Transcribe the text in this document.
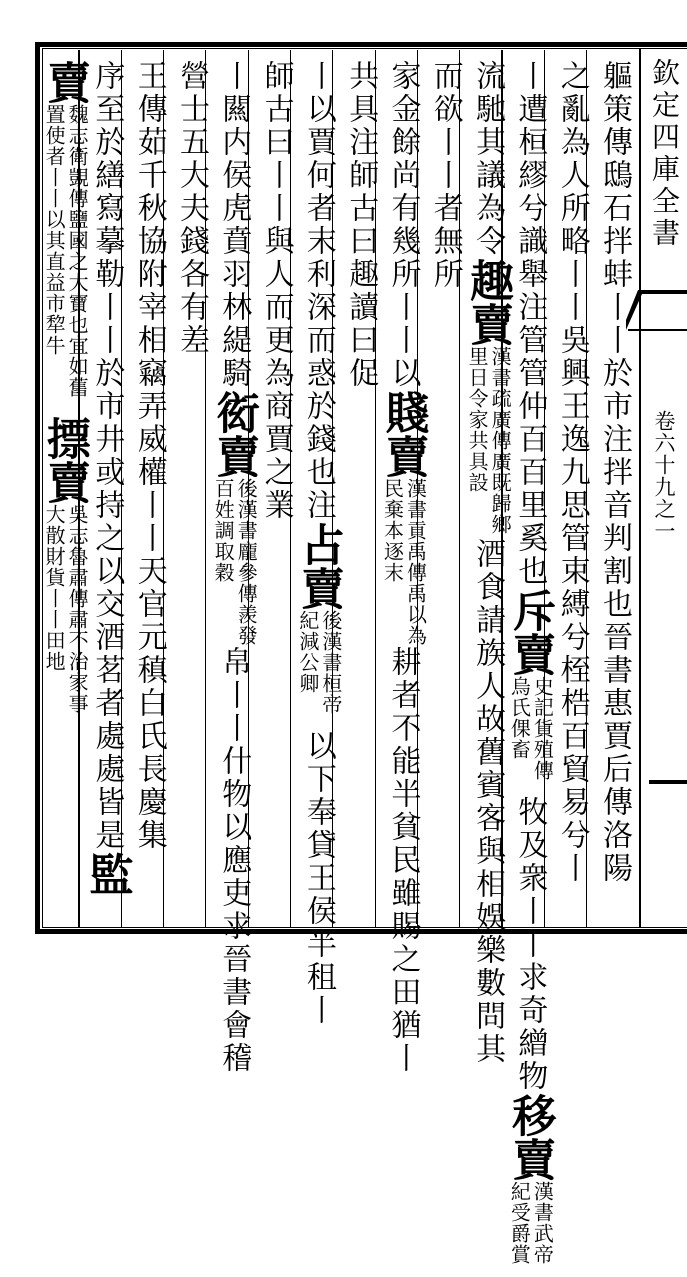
欽定四庫全書
卷六十九之一
軀策傳鴟石拌蚌丨丨於市注拌音判割也晉書惠賈后傳洛陽
之亂為人所略丨丨吳興王逸九思管束縛兮桎梏百貿易兮丨
丨遭桓繆兮識舉注管管仲百百里奚也斥賣史記貨殖傳烏氏倮畜牧及衆丨丨求奇繒物移賣漢書武帝紀受爵賞
流馳其議為令趣賣漢書疏廣傳廣既歸鄉里日令家共具設酒食請族人故舊賓客與相娛樂數問其
而欲丨丨者無所
家金餘尚有幾所丨丨以賤賣漢書貢禹傳禹以為民棄本逐末耕者不能半貧民雖賜之田猶丨
共具注師古曰趣讀曰促
丨以賈何者末利深而惑於錢也注占賣後漢書桓帝紀減公卿以下奉貸王侯半租丨
師古曰丨丨與人而更為商賈之業
丨闗内侯虎賁羽林緹騎衒賣後漢書龐參傳羨發百姓調取穀帛丨丨什物以應吏求晉書會稽
營士五大夫錢各有差
王傳茹千秋協附宰相竊弄威權丨丨天官元稹白氏長慶集
序至於繕寫摹勒丨丨於市井或持之以交酒茗者處處皆是監
賣魏志衛覬傳鹽國之大寶也宜如舊置使者丨丨以其直益市犂牛摽賣吳志魯肅傳肅不治家事大散財貨丨丨田地
